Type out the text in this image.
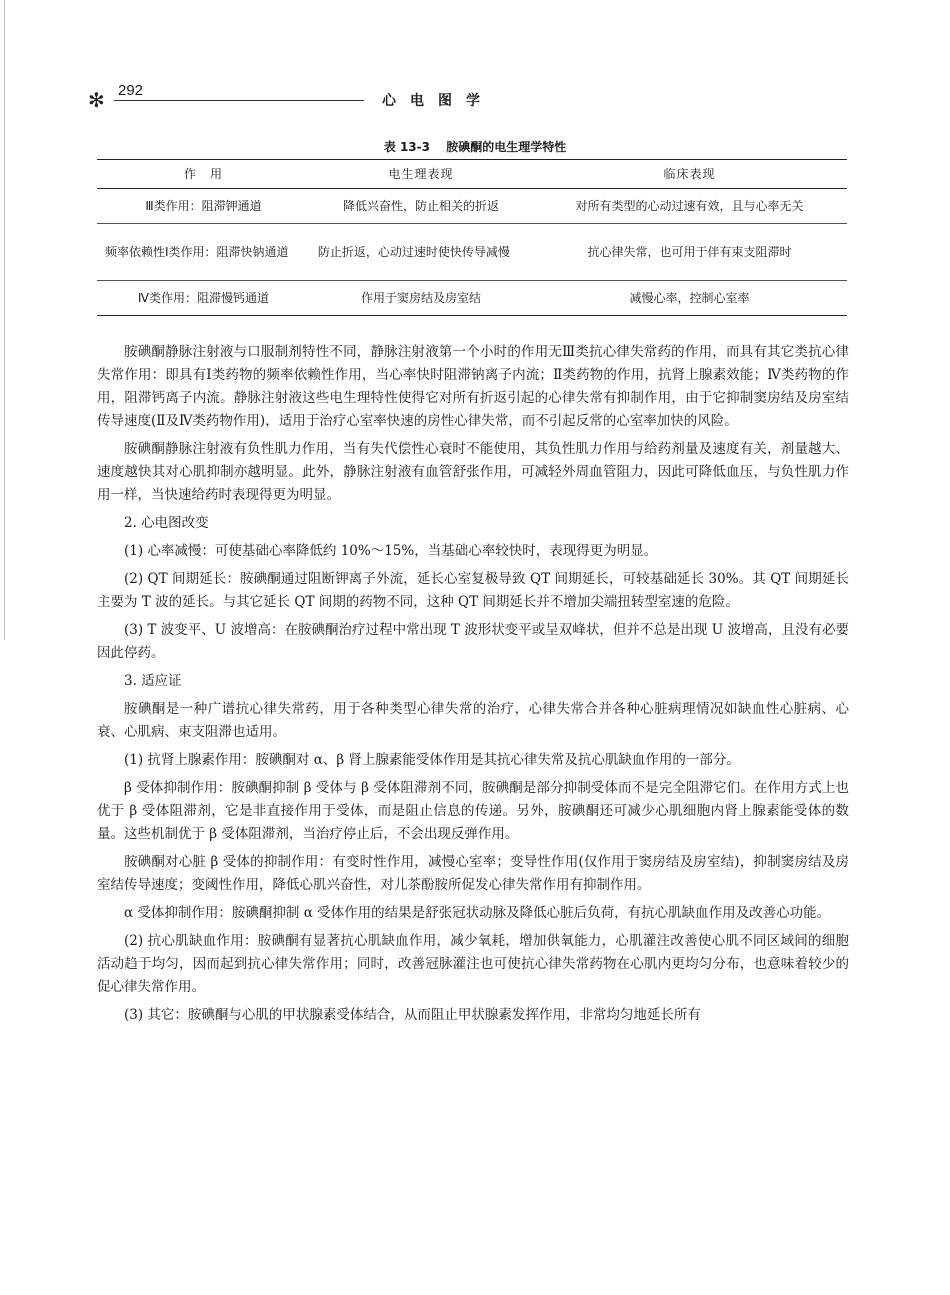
✻ 292
心电图学
表 13-3 胺碘酮的电生理学特性
作　用	电生理表现	临床表现
Ⅲ类作用：阻滞钾通道	降低兴奋性，防止相关的折返	对所有类型的心动过速有效，且与心率无关
频率依赖性Ⅰ类作用：阻滞快钠通道	防止折返，心动过速时使快传导减慢	抗心律失常，也可用于伴有束支阻滞时
Ⅳ类作用：阻滞慢钙通道	作用于窦房结及房室结	减慢心率，控制心室率

胺碘酮静脉注射液与口服制剂特性不同，静脉注射液第一个小时的作用无Ⅲ类抗心律失常药的作用，而具有其它类抗心律失常作用：即具有Ⅰ类药物的频率依赖性作用，当心率快时阻滞钠离子内流；Ⅱ类药物的作用，抗肾上腺素效能；Ⅳ类药物的作用，阻滞钙离子内流。静脉注射液这些电生理特性使得它对所有折返引起的心律失常有抑制作用，由于它抑制窦房结及房室结传导速度(Ⅱ及Ⅳ类药物作用)，适用于治疗心室率快速的房性心律失常，而不引起反常的心室率加快的风险。

胺碘酮静脉注射液有负性肌力作用，当有失代偿性心衰时不能使用，其负性肌力作用与给药剂量及速度有关，剂量越大、速度越快其对心肌抑制亦越明显。此外，静脉注射液有血管舒张作用，可减轻外周血管阻力，因此可降低血压，与负性肌力作用一样，当快速给药时表现得更为明显。

2. 心电图改变

(1) 心率减慢：可使基础心率降低约 10%～15%，当基础心率较快时，表现得更为明显。

(2) QT 间期延长：胺碘酮通过阻断钾离子外流，延长心室复极导致 QT 间期延长，可较基础延长 30%。其 QT 间期延长主要为 T 波的延长。与其它延长 QT 间期的药物不同，这种 QT 间期延长并不增加尖端扭转型室速的危险。

(3) T 波变平、U 波增高：在胺碘酮治疗过程中常出现 T 波形状变平或呈双峰状，但并不总是出现 U 波增高，且没有必要因此停药。

3. 适应证

胺碘酮是一种广谱抗心律失常药，用于各种类型心律失常的治疗，心律失常合并各种心脏病理情况如缺血性心脏病、心衰、心肌病、束支阻滞也适用。

(1) 抗肾上腺素作用：胺碘酮对 α、β 肾上腺素能受体作用是其抗心律失常及抗心肌缺血作用的一部分。

β 受体抑制作用：胺碘酮抑制 β 受体与 β 受体阻滞剂不同，胺碘酮是部分抑制受体而不是完全阻滞它们。在作用方式上也优于 β 受体阻滞剂，它是非直接作用于受体，而是阻止信息的传递。另外，胺碘酮还可减少心肌细胞内肾上腺素能受体的数量。这些机制优于 β 受体阻滞剂，当治疗停止后，不会出现反弹作用。

胺碘酮对心脏 β 受体的抑制作用：有变时性作用，减慢心室率；变导性作用(仅作用于窦房结及房室结)，抑制窦房结及房室结传导速度；变阈性作用，降低心肌兴奋性，对儿茶酚胺所促发心律失常作用有抑制作用。

α 受体抑制作用：胺碘酮抑制 α 受体作用的结果是舒张冠状动脉及降低心脏后负荷，有抗心肌缺血作用及改善心功能。

(2) 抗心肌缺血作用：胺碘酮有显著抗心肌缺血作用，减少氧耗，增加供氧能力，心肌灌注改善使心肌不同区域间的细胞活动趋于均匀，因而起到抗心律失常作用；同时，改善冠脉灌注也可使抗心律失常药物在心肌内更均匀分布，也意味着较少的促心律失常作用。

(3) 其它：胺碘酮与心肌的甲状腺素受体结合，从而阻止甲状腺素发挥作用，非常均匀地延长所有
